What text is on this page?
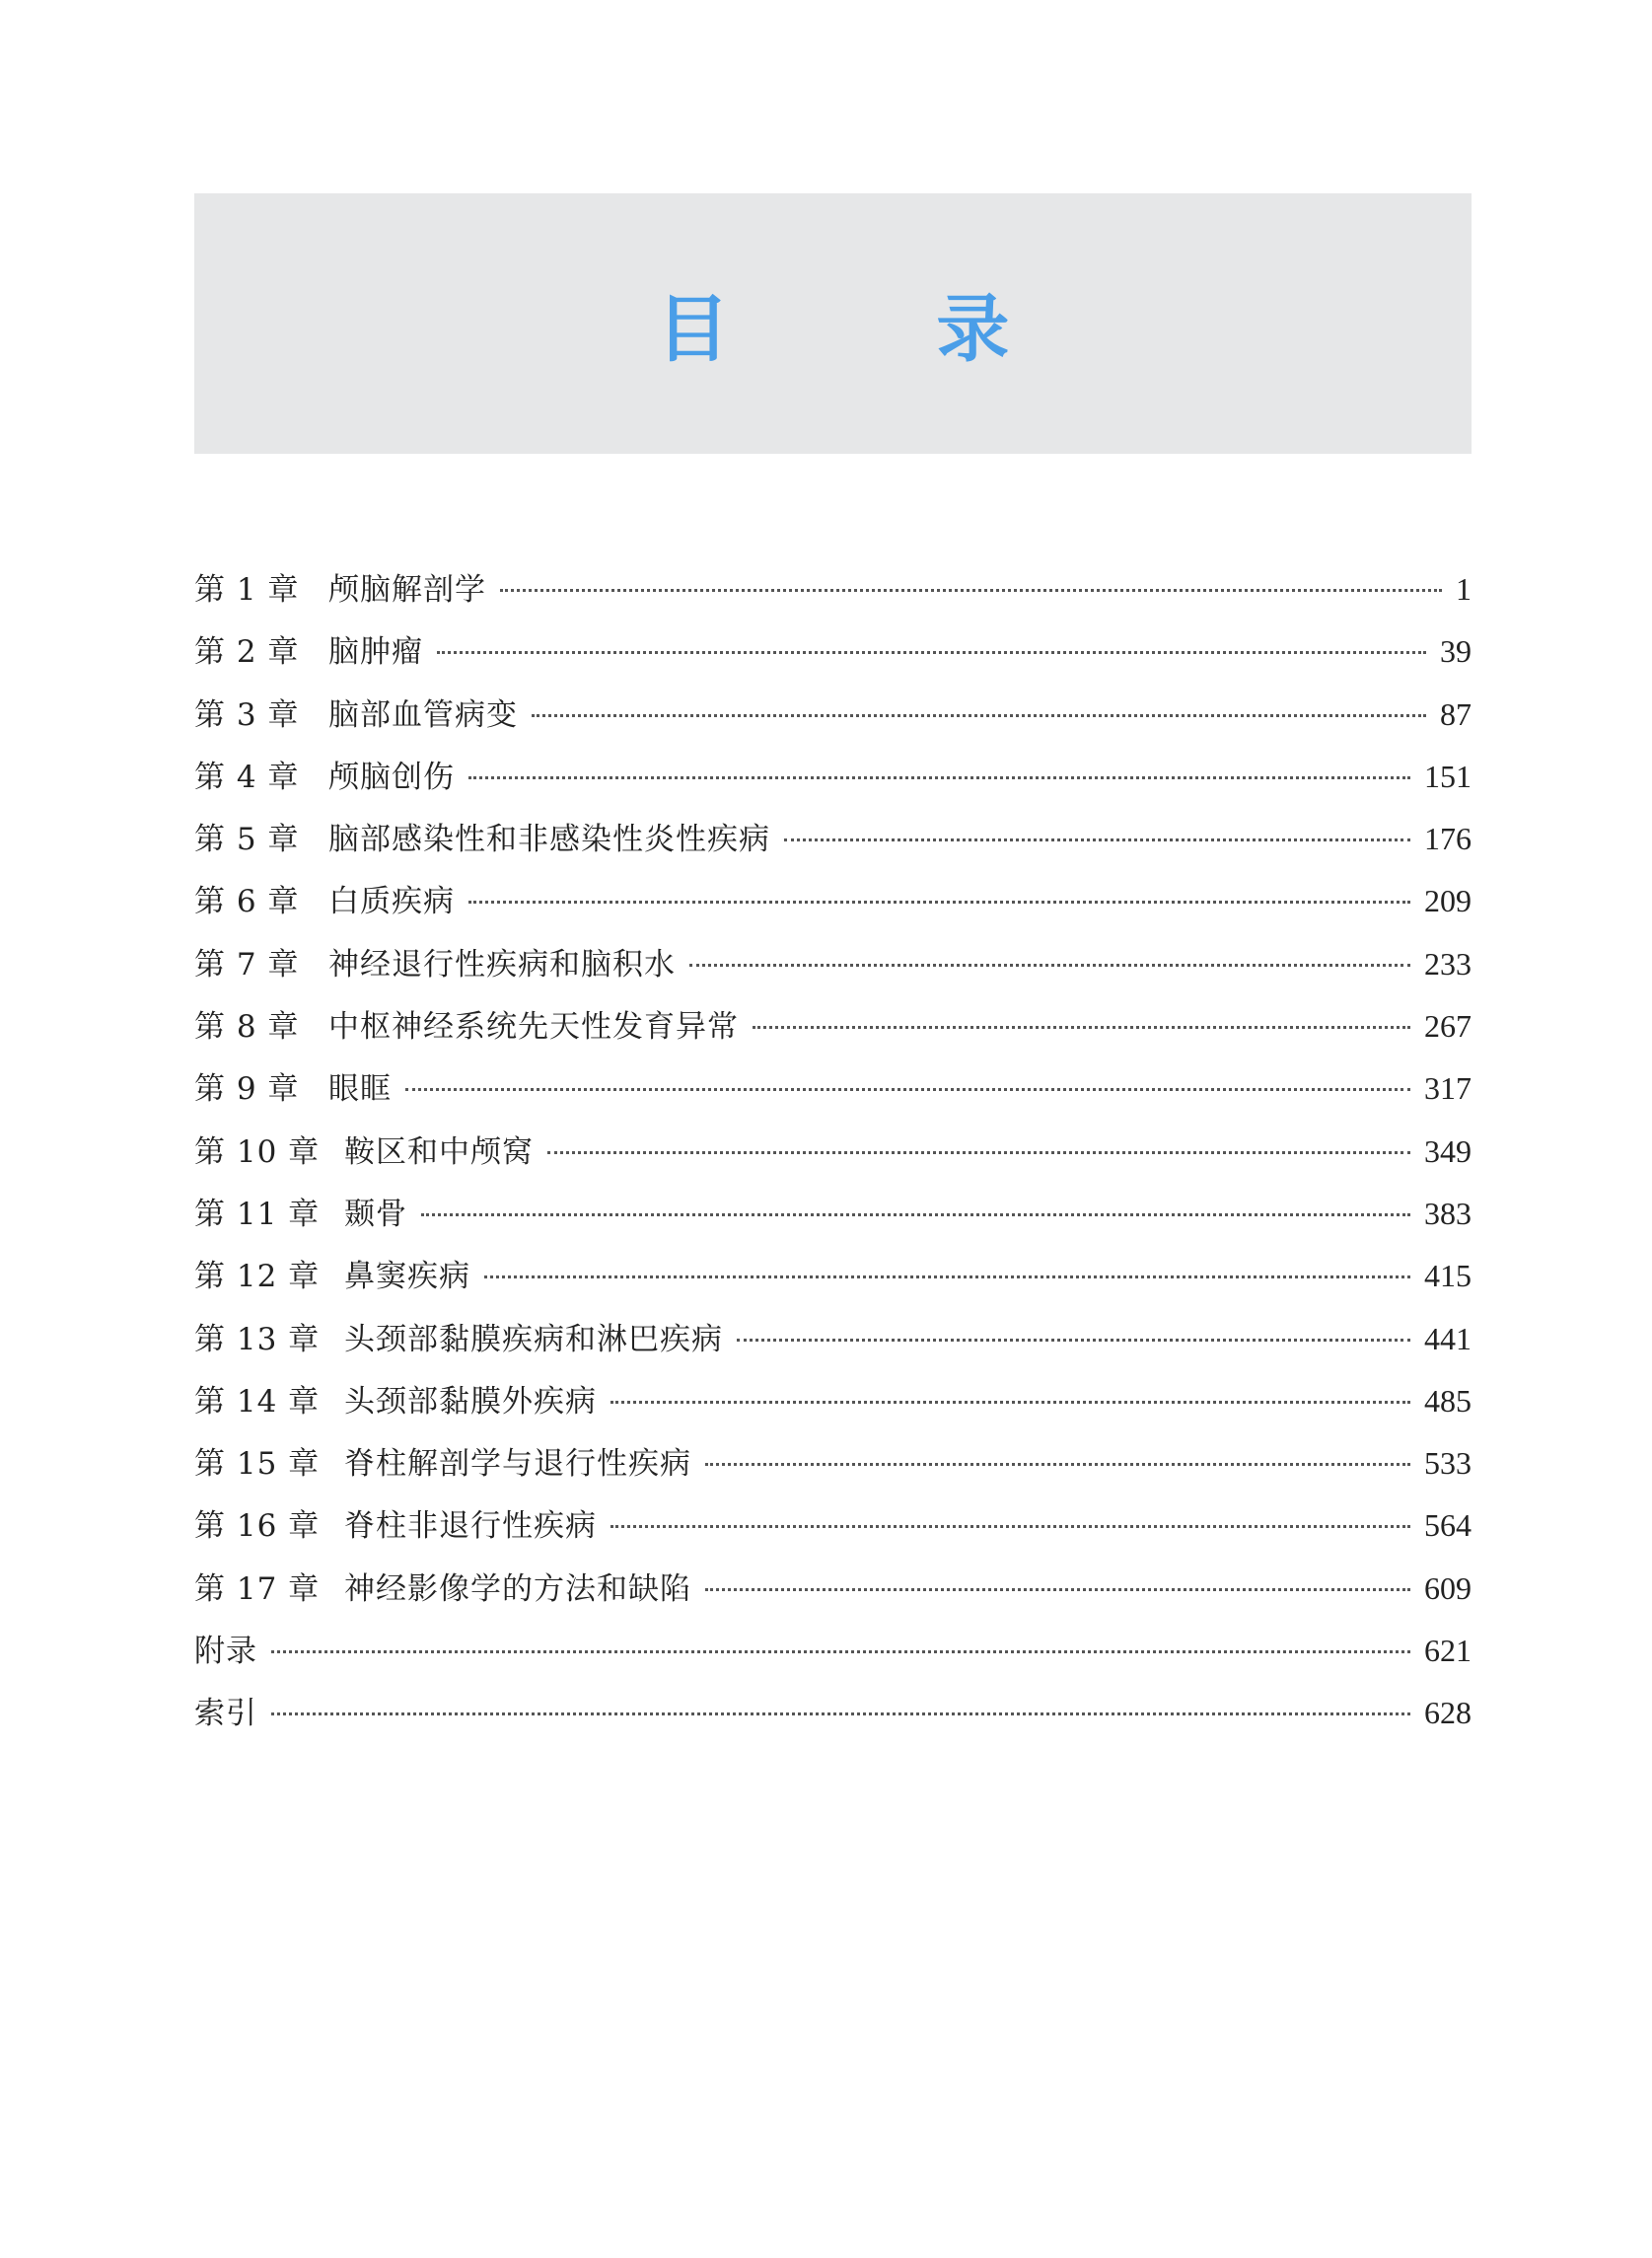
目 录
第 1 章 颅脑解剖学	1
第 2 章 脑肿瘤	39
第 3 章 脑部血管病变	87
第 4 章 颅脑创伤	151
第 5 章 脑部感染性和非感染性炎性疾病	176
第 6 章 白质疾病	209
第 7 章 神经退行性疾病和脑积水	233
第 8 章 中枢神经系统先天性发育异常	267
第 9 章 眼眶	317
第 10 章 鞍区和中颅窝	349
第 11 章 颞骨	383
第 12 章 鼻窦疾病	415
第 13 章 头颈部黏膜疾病和淋巴疾病	441
第 14 章 头颈部黏膜外疾病	485
第 15 章 脊柱解剖学与退行性疾病	533
第 16 章 脊柱非退行性疾病	564
第 17 章 神经影像学的方法和缺陷	609
附录	621
索引	628
